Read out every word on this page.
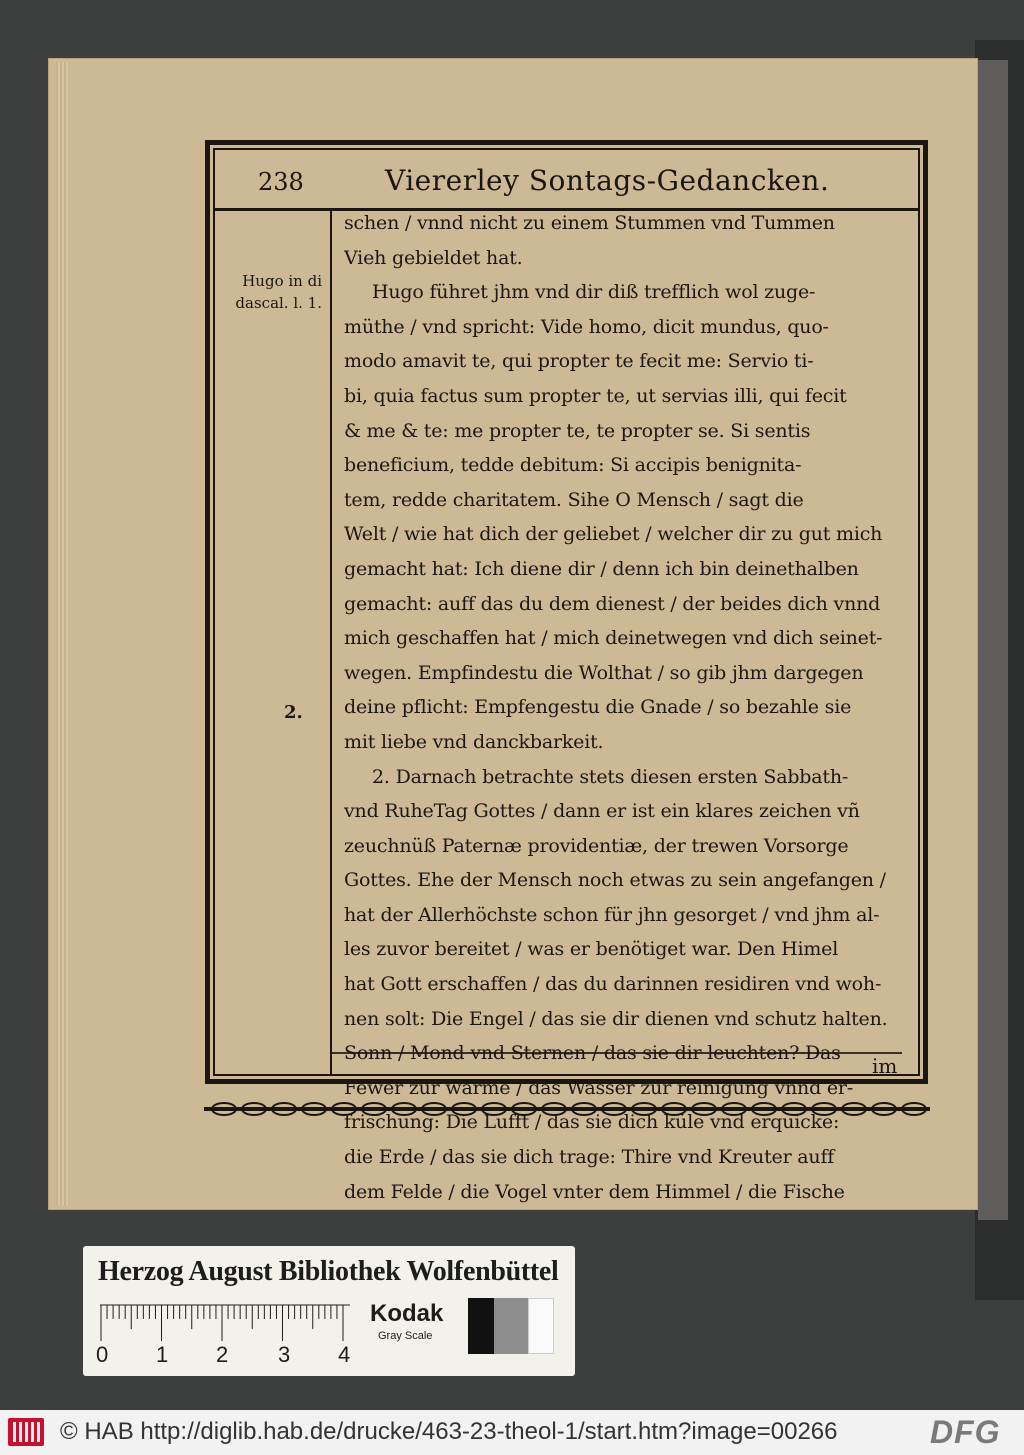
238	Viererley Sontags-Gedancken.
Hugo in di dascal. l. 1.
2.
schen / vnnd nicht zu einem Stummen vnd Tummen
Vieh gebieldet hat.
Hugo führet jhm vnd dir diß trefflich wol zuge-
müthe / vnd spricht: Vide homo, dicit mundus, quo-
modo amavit te, qui propter te fecit me: Servio ti-
bi, quia factus sum propter te, ut servias illi, qui fecit
& me & te: me propter te, te propter se. Si sentis
beneficium, tedde debitum: Si accipis benignita-
tem, redde charitatem. Sihe O Mensch / sagt die
Welt / wie hat dich der geliebet / welcher dir zu gut mich
gemacht hat: Ich diene dir / denn ich bin deinethalben
gemacht: auff das du dem dienest / der beides dich vnnd
mich geschaffen hat / mich deinetwegen vnd dich seinet-
wegen. Empfindestu die Wolthat / so gib jhm dargegen
deine pflicht: Empfengestu die Gnade / so bezahle sie
mit liebe vnd danckbarkeit.
2. Darnach betrachte stets diesen ersten Sabbath-
vnd RuheTag Gottes / dann er ist ein klares zeichen vñ
zeuchnüß Paternæ providentiæ, der trewen Vorsorge
Gottes. Ehe der Mensch noch etwas zu sein angefangen /
hat der Allerhöchste schon für jhn gesorget / vnd jhm al-
les zuvor bereitet / was er benötiget war. Den Himel
hat Gott erschaffen / das du darinnen residiren vnd woh-
nen solt: Die Engel / das sie dir dienen vnd schutz halten.
Sonn / Mond vnd Sternen / das sie dir leuchten? Das
Fewer zur wärme / das Wasser zur reinigung vnnd er-
frischung: Die Lufft / das sie dich küle vnd erquicke:
die Erde / das sie dich trage: Thire vnd Kreuter auff
dem Felde / die Vogel vnter dem Himmel / die Fische
im
Herzog August Bibliothek Wolfenbüttel
0 1 2 3 4
Kodak
Gray Scale
© HAB http://diglib.hab.de/drucke/463-23-theol-1/start.htm?image=00266	DFG
